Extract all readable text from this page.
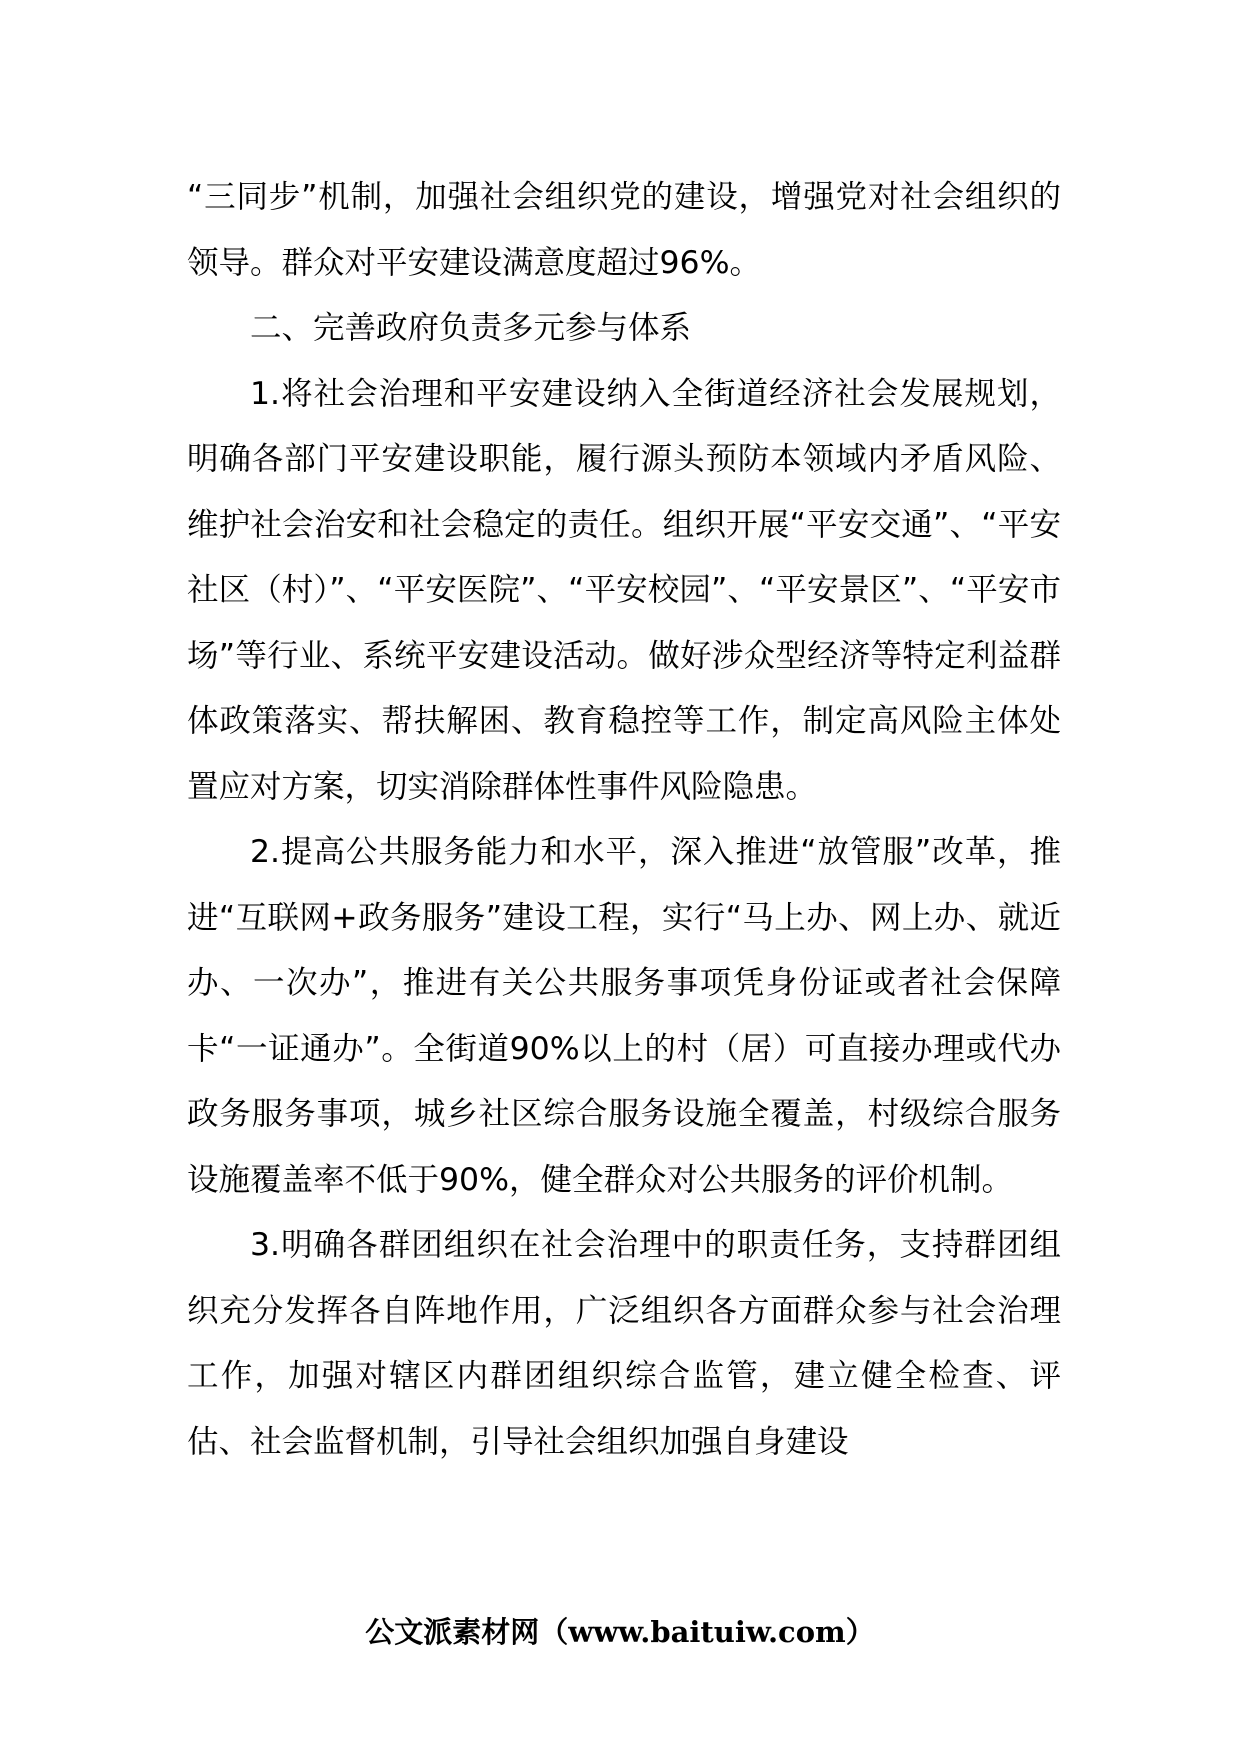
“三同步”机制，加强社会组织党的建设，增强党对社会组织的领导。群众对平安建设满意度超过96%。

二、完善政府负责多元参与体系

1.将社会治理和平安建设纳入全街道经济社会发展规划，明确各部门平安建设职能，履行源头预防本领域内矛盾风险、维护社会治安和社会稳定的责任。组织开展“平安交通”、“平安社区（村）”、“平安医院”、“平安校园”、“平安景区”、“平安市场”等行业、系统平安建设活动。做好涉众型经济等特定利益群体政策落实、帮扶解困、教育稳控等工作，制定高风险主体处置应对方案，切实消除群体性事件风险隐患。

2.提高公共服务能力和水平，深入推进“放管服”改革，推进“互联网+政务服务”建设工程，实行“马上办、网上办、就近办、一次办”，推进有关公共服务事项凭身份证或者社会保障卡“一证通办”。全街道90%以上的村（居）可直接办理或代办政务服务事项，城乡社区综合服务设施全覆盖，村级综合服务设施覆盖率不低于90%，健全群众对公共服务的评价机制。

3.明确各群团组织在社会治理中的职责任务，支持群团组织充分发挥各自阵地作用，广泛组织各方面群众参与社会治理工作，加强对辖区内群团组织综合监管，建立健全检查、评估、社会监督机制，引导社会组织加强自身建设

公文派素材网（www.baituiw.com）
